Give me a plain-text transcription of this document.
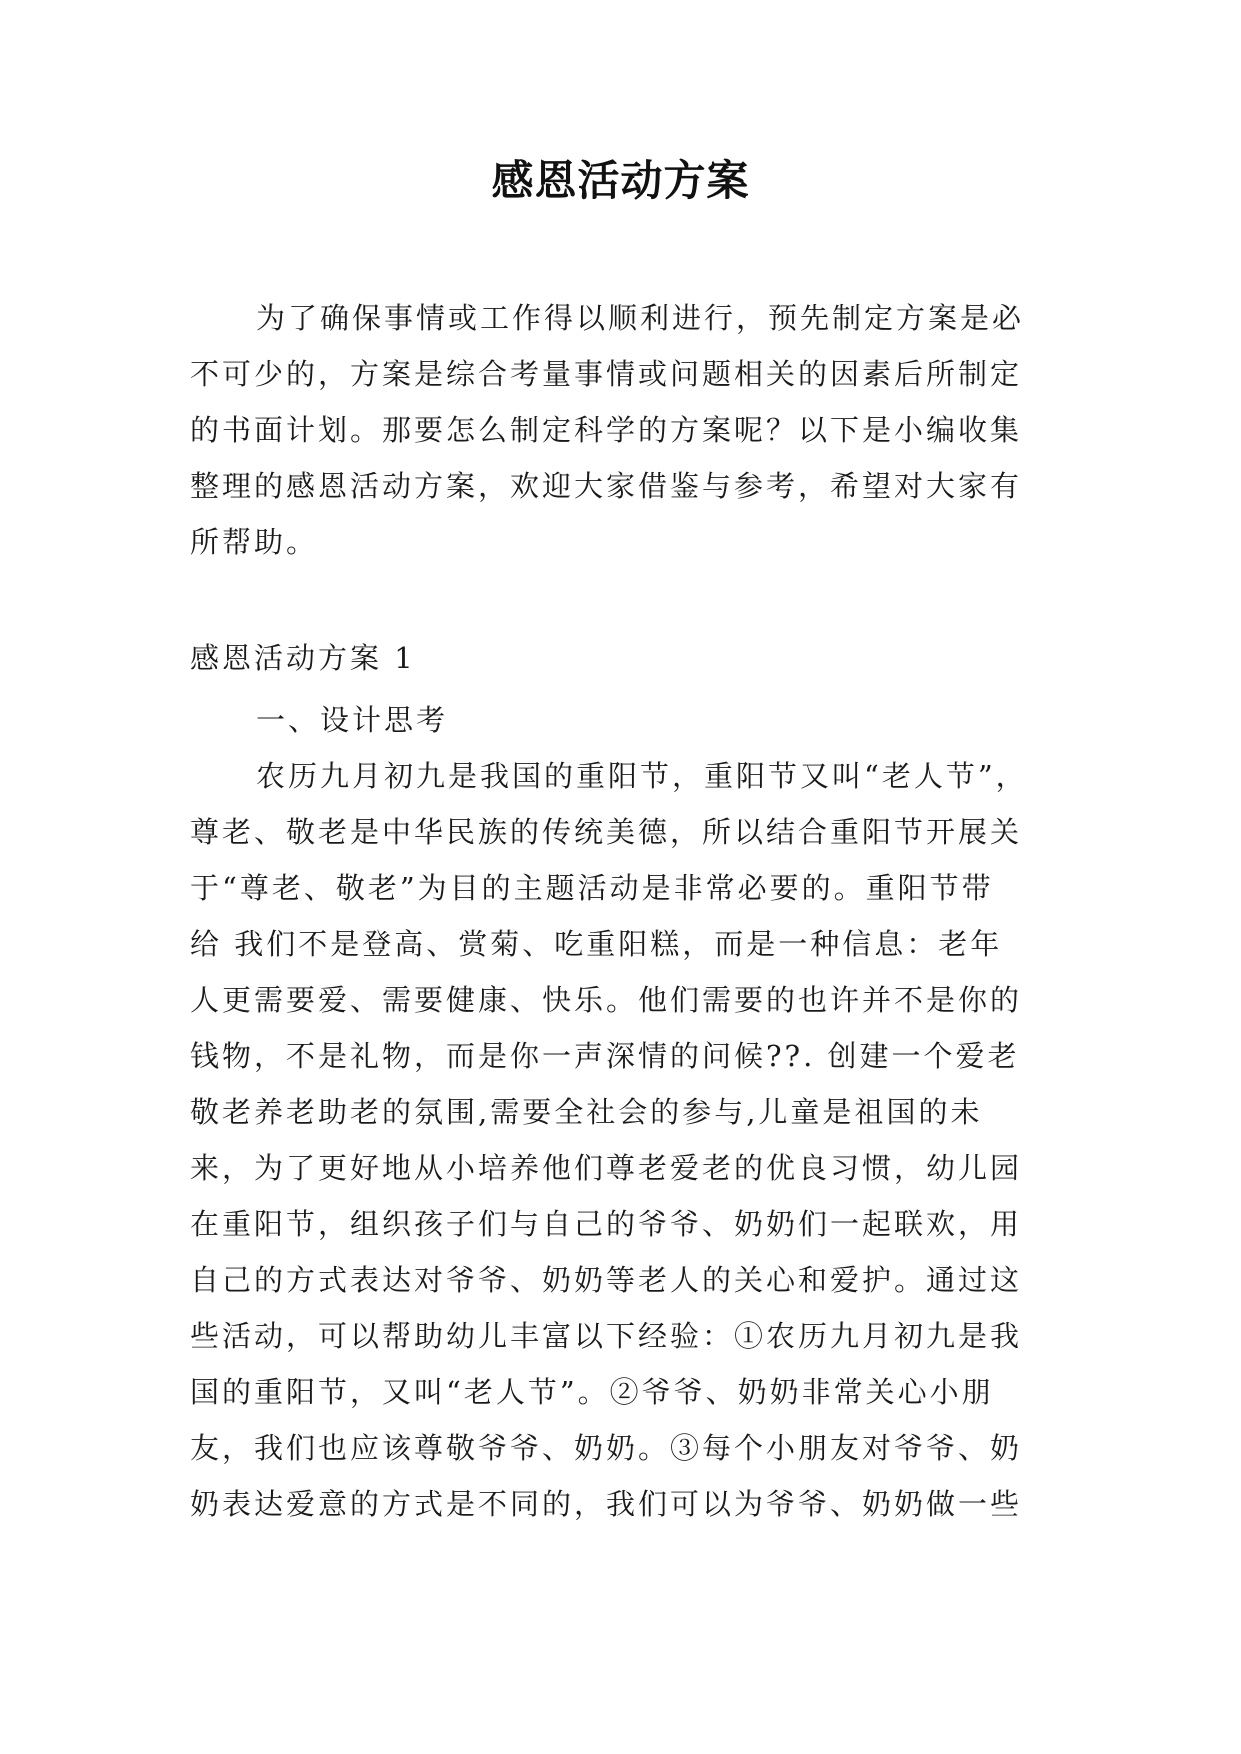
感恩活动方案
为了确保事情或工作得以顺利进行，预先制定方案是必
不可少的，方案是综合考量事情或问题相关的因素后所制定
的书面计划。那要怎么制定科学的方案呢？以下是小编收集
整理的感恩活动方案，欢迎大家借鉴与参考，希望对大家有
所帮助。
感恩活动方案 1
一、设计思考
农历九月初九是我国的重阳节，重阳节又叫“老人节”，
尊老、敬老是中华民族的传统美德，所以结合重阳节开展关
于“尊老、敬老”为目的主题活动是非常必要的。重阳节带
给 我们不是登高、赏菊、吃重阳糕，而是一种信息：老年
人更需要爱、需要健康、快乐。他们需要的也许并不是你的
钱物，不是礼物，而是你一声深情的问候??. 创建一个爱老
敬老养老助老的氛围,需要全社会的参与,儿童是祖国的未
来，为了更好地从小培养他们尊老爱老的优良习惯，幼儿园
在重阳节，组织孩子们与自己的爷爷、奶奶们一起联欢，用
自己的方式表达对爷爷、奶奶等老人的关心和爱护。通过这
些活动，可以帮助幼儿丰富以下经验：①农历九月初九是我
国的重阳节，又叫“老人节”。②爷爷、奶奶非常关心小朋
友，我们也应该尊敬爷爷、奶奶。③每个小朋友对爷爷、奶
奶表达爱意的方式是不同的，我们可以为爷爷、奶奶做一些
